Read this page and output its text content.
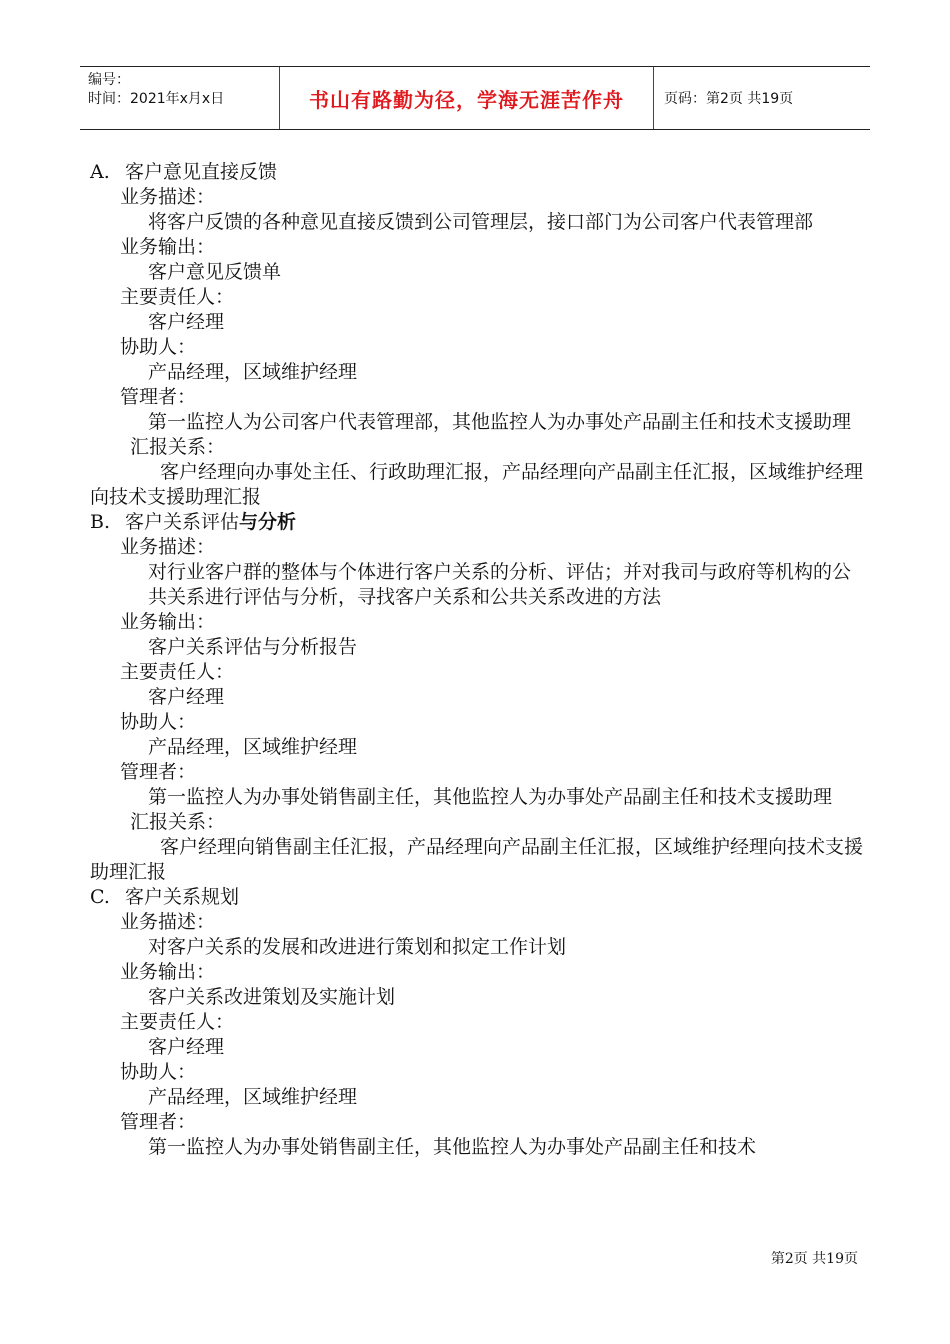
编号：
时间：2021年x月x日	书山有路勤为径，学海无涯苦作舟	页码：第2页 共19页
A. 客户意见直接反馈
业务描述：
将客户反馈的各种意见直接反馈到公司管理层，接口部门为公司客户代表管理部
业务输出：
客户意见反馈单
主要责任人：
客户经理
协助人：
产品经理，区域维护经理
管理者：
第一监控人为公司客户代表管理部，其他监控人为办事处产品副主任和技术支援助理
汇报关系：
客户经理向办事处主任、行政助理汇报，产品经理向产品副主任汇报，区域维护经理向技术支援助理汇报
B. 客户关系评估与分析
业务描述：
对行业客户群的整体与个体进行客户关系的分析、评估；并对我司与政府等机构的公共关系进行评估与分析，寻找客户关系和公共关系改进的方法
业务输出：
客户关系评估与分析报告
主要责任人：
客户经理
协助人：
产品经理，区域维护经理
管理者：
第一监控人为办事处销售副主任，其他监控人为办事处产品副主任和技术支援助理
汇报关系：
客户经理向销售副主任汇报，产品经理向产品副主任汇报，区域维护经理向技术支援助理汇报
C. 客户关系规划
业务描述：
对客户关系的发展和改进进行策划和拟定工作计划
业务输出：
客户关系改进策划及实施计划
主要责任人：
客户经理
协助人：
产品经理，区域维护经理
管理者：
第一监控人为办事处销售副主任，其他监控人为办事处产品副主任和技术
第2页 共19页
